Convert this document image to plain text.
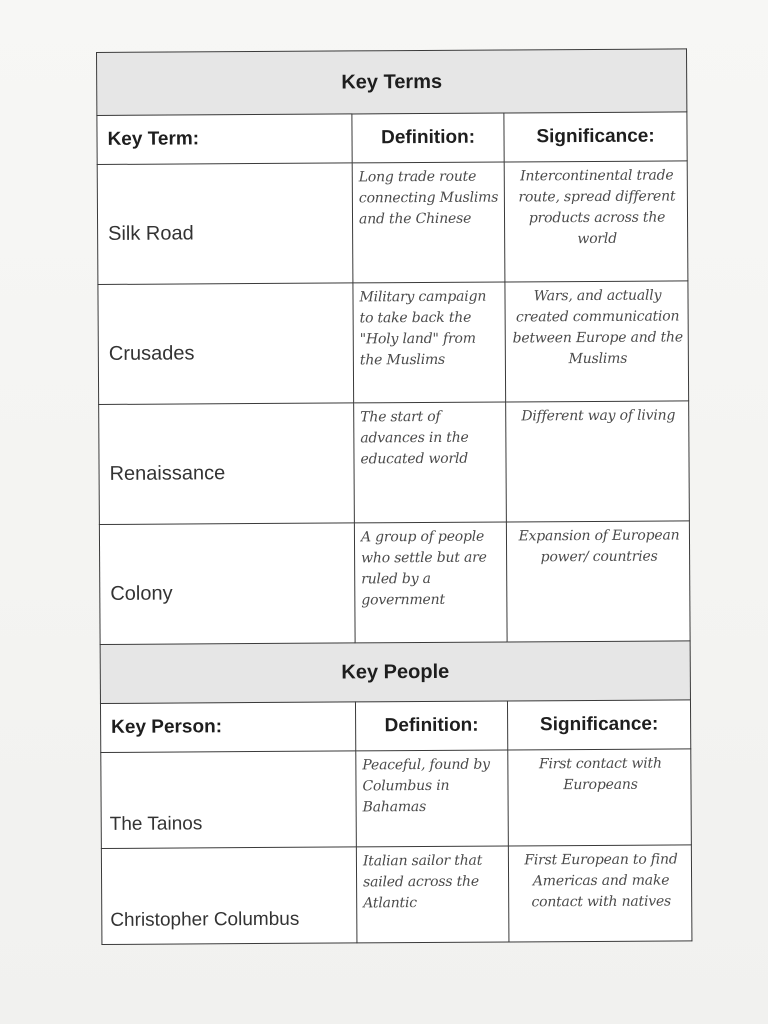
Key Terms		
Key Term:	Definition:	Significance:

Silk Road	Long trade route connecting Muslims and the Chinese	Intercontinental trade route, spread different products across the world

Crusades	Military campaign to take back the "Holy land" from the Muslims	Wars, and actually created communication between Europe and the Muslims

Renaissance	The start of advances in the educated world	Different way of living

Colony	A group of people who settle but are ruled by a government	Expansion of European power/ countries
Key People		
Key Person:	Definition:	Significance:
The Tainos	Peaceful, found by Columbus in Bahamas	First contact with Europeans
Christopher Columbus	Italian sailor that sailed across the Atlantic	First European to find Americas and make contact with natives
